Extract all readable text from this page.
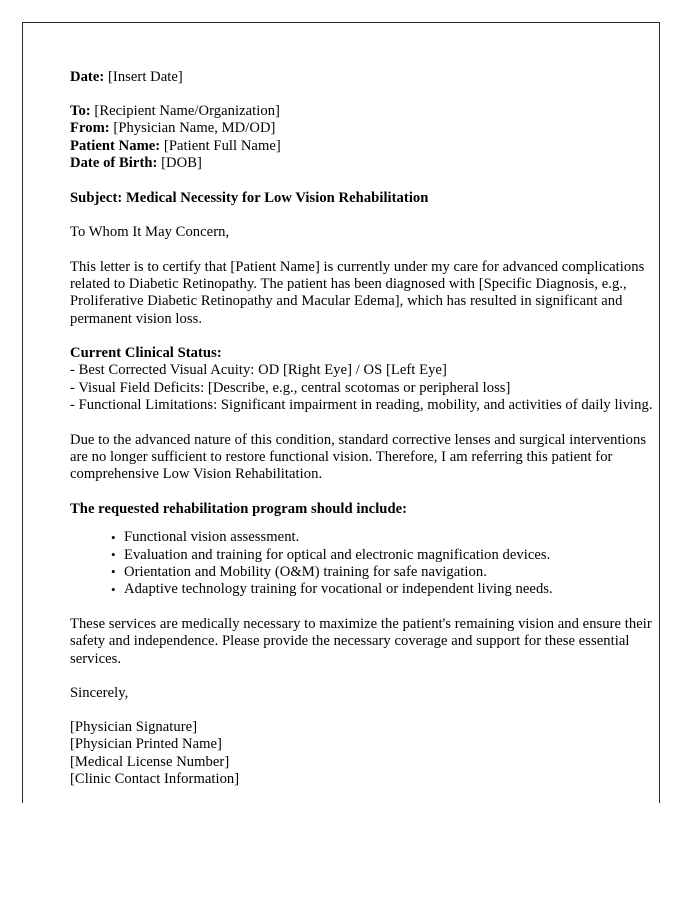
Date: [Insert Date]
To: [Recipient Name/Organization]
From: [Physician Name, MD/OD]
Patient Name: [Patient Full Name]
Date of Birth: [DOB]
Subject: Medical Necessity for Low Vision Rehabilitation
To Whom It May Concern,
This letter is to certify that [Patient Name] is currently under my care for advanced complications related to Diabetic Retinopathy. The patient has been diagnosed with [Specific Diagnosis, e.g., Proliferative Diabetic Retinopathy and Macular Edema], which has resulted in significant and permanent vision loss.
Current Clinical Status:
- Best Corrected Visual Acuity: OD [Right Eye] / OS [Left Eye]
- Visual Field Deficits: [Describe, e.g., central scotomas or peripheral loss]
- Functional Limitations: Significant impairment in reading, mobility, and activities of daily living.
Due to the advanced nature of this condition, standard corrective lenses and surgical interventions are no longer sufficient to restore functional vision. Therefore, I am referring this patient for comprehensive Low Vision Rehabilitation.
The requested rehabilitation program should include:
• Functional vision assessment.
• Evaluation and training for optical and electronic magnification devices.
• Orientation and Mobility (O&M) training for safe navigation.
• Adaptive technology training for vocational or independent living needs.
These services are medically necessary to maximize the patient's remaining vision and ensure their safety and independence. Please provide the necessary coverage and support for these essential services.
Sincerely,
[Physician Signature]
[Physician Printed Name]
[Medical License Number]
[Clinic Contact Information]
